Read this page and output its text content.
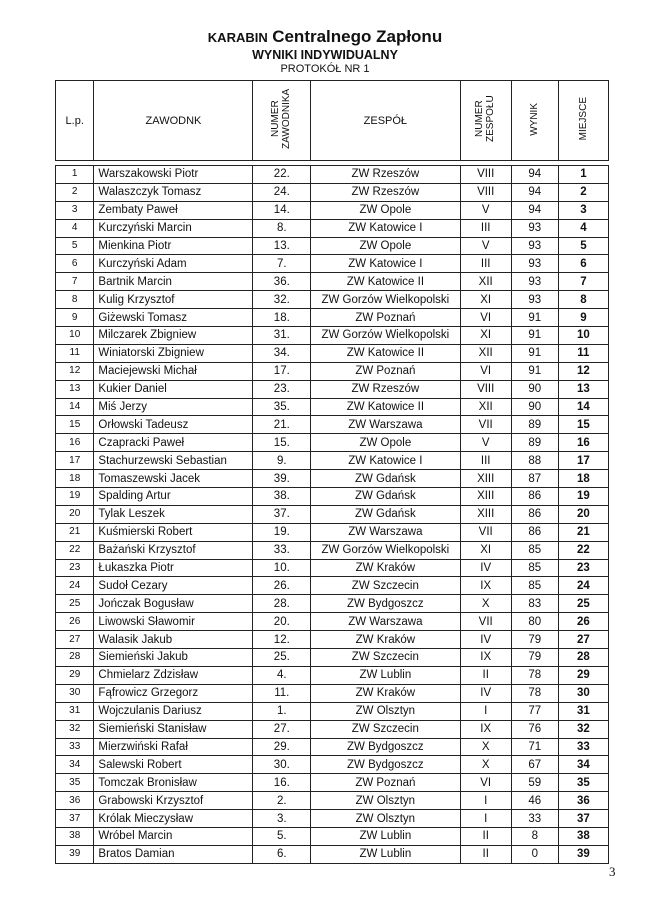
KARABIN Centralnego Zapłonu
WYNIKI INDYWIDUALNY
PROTOKÓŁ NR 1
L.p.	ZAWODNK	NUMER ZAWODNIKA	ZESPÓŁ	NUMER ZESPOŁU	WYNIK	MIEJSCE

1	Warszakowski Piotr	22.	ZW Rzeszów	VIII	94	1
2	Walaszczyk Tomasz	24.	ZW Rzeszów	VIII	94	2
3	Zembaty Paweł	14.	ZW Opole	V	94	3
4	Kurczyński Marcin	8.	ZW Katowice I	III	93	4
5	Mienkina Piotr	13.	ZW Opole	V	93	5
6	Kurczyński Adam	7.	ZW Katowice I	III	93	6
7	Bartnik Marcin	36.	ZW Katowice II	XII	93	7
8	Kulig Krzysztof	32.	ZW Gorzów Wielkopolski	XI	93	8
9	Giżewski Tomasz	18.	ZW Poznań	VI	91	9
10	Milczarek Zbigniew	31.	ZW Gorzów Wielkopolski	XI	91	10
11	Winiatorski Zbigniew	34.	ZW Katowice II	XII	91	11
12	Maciejewski Michał	17.	ZW Poznań	VI	91	12
13	Kukier Daniel	23.	ZW Rzeszów	VIII	90	13
14	Miś Jerzy	35.	ZW Katowice II	XII	90	14
15	Orłowski Tadeusz	21.	ZW Warszawa	VII	89	15
16	Czapracki Paweł	15.	ZW Opole	V	89	16
17	Stachurzewski Sebastian	9.	ZW Katowice I	III	88	17
18	Tomaszewski Jacek	39.	ZW Gdańsk	XIII	87	18
19	Spalding Artur	38.	ZW Gdańsk	XIII	86	19
20	Tylak Leszek	37.	ZW Gdańsk	XIII	86	20
21	Kuśmierski Robert	19.	ZW Warszawa	VII	86	21
22	Bażański Krzysztof	33.	ZW Gorzów Wielkopolski	XI	85	22
23	Łukaszka Piotr	10.	ZW Kraków	IV	85	23
24	Sudoł Cezary	26.	ZW Szczecin	IX	85	24
25	Jończak Bogusław	28.	ZW Bydgoszcz	X	83	25
26	Liwowski Sławomir	20.	ZW Warszawa	VII	80	26
27	Walasik Jakub	12.	ZW Kraków	IV	79	27
28	Siemieński Jakub	25.	ZW Szczecin	IX	79	28
29	Chmielarz Zdzisław	4.	ZW Lublin	II	78	29
30	Fąfrowicz Grzegorz	11.	ZW Kraków	IV	78	30
31	Wojczulanis Dariusz	1.	ZW Olsztyn	I	77	31
32	Siemieński Stanisław	27.	ZW Szczecin	IX	76	32
33	Mierzwiński Rafał	29.	ZW Bydgoszcz	X	71	33
34	Salewski Robert	30.	ZW Bydgoszcz	X	67	34
35	Tomczak Bronisław	16.	ZW Poznań	VI	59	35
36	Grabowski Krzysztof	2.	ZW Olsztyn	I	46	36
37	Królak Mieczysław	3.	ZW Olsztyn	I	33	37
38	Wróbel Marcin	5.	ZW Lublin	II	8	38
39	Bratos Damian	6.	ZW Lublin	II	0	39
3
